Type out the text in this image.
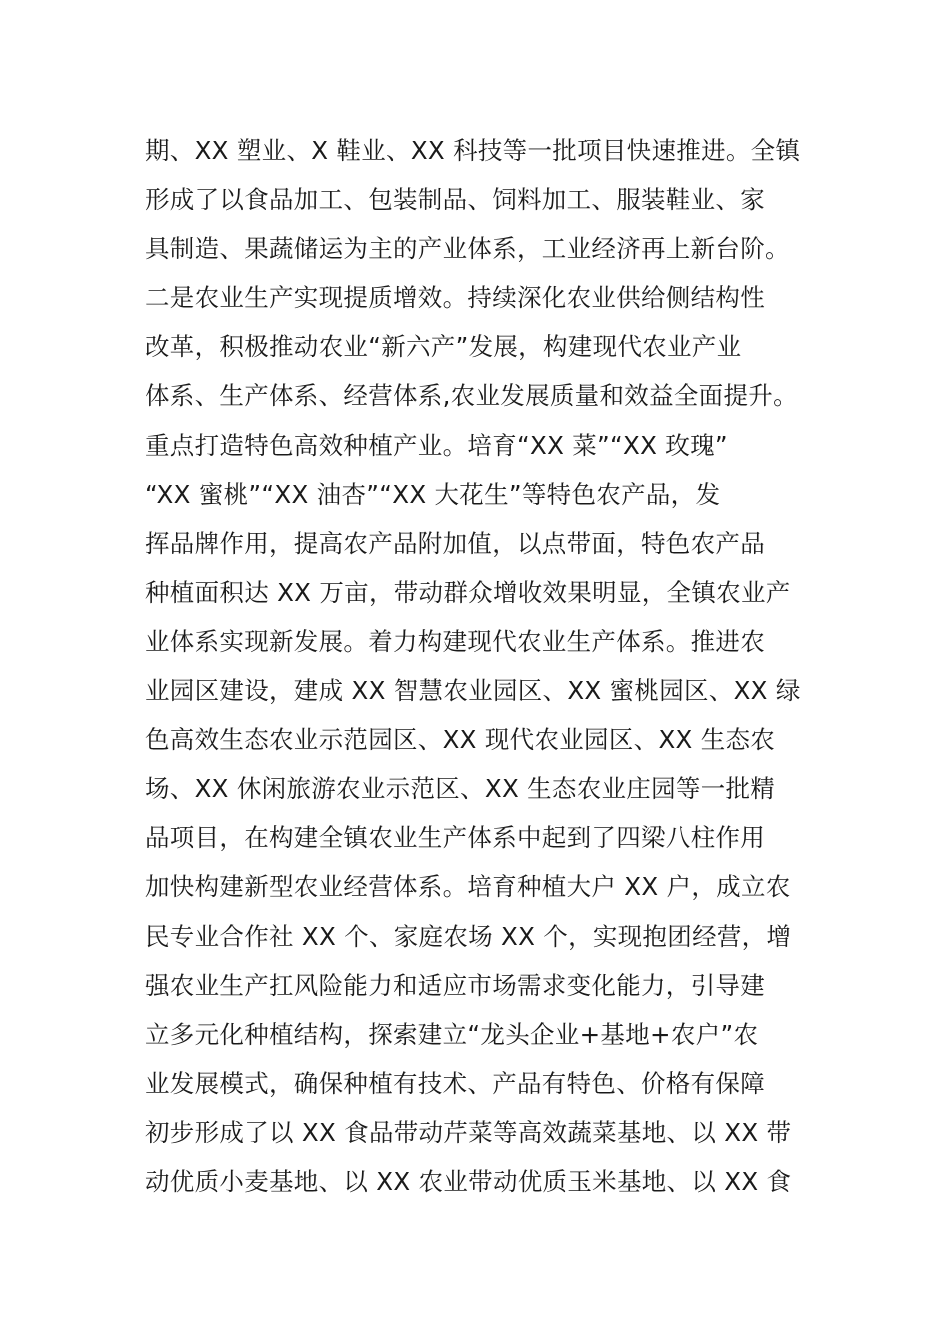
期、XX 塑业、X 鞋业、XX 科技等一批项目快速推进。全镇
形成了以食品加工、包装制品、饲料加工、服装鞋业、家
具制造、果蔬储运为主的产业体系，工业经济再上新台阶。
二是农业生产实现提质增效。持续深化农业供给侧结构性
改革，积极推动农业“新六产”发展，构建现代农业产业
体系、生产体系、经营体系,农业发展质量和效益全面提升。
重点打造特色高效种植产业。培育“XX 菜”“XX 玫瑰”
“XX 蜜桃”“XX 油杏”“XX 大花生”等特色农产品，发
挥品牌作用，提高农产品附加值，以点带面，特色农产品
种植面积达 XX 万亩，带动群众增收效果明显，全镇农业产
业体系实现新发展。着力构建现代农业生产体系。推进农
业园区建设，建成 XX 智慧农业园区、XX 蜜桃园区、XX 绿
色高效生态农业示范园区、XX 现代农业园区、XX 生态农
场、XX 休闲旅游农业示范区、XX 生态农业庄园等一批精
品项目，在构建全镇农业生产体系中起到了四梁八柱作用
加快构建新型农业经营体系。培育种植大户 XX 户，成立农
民专业合作社 XX 个、家庭农场 XX 个，实现抱团经营，增
强农业生产扛风险能力和适应市场需求变化能力，引导建
立多元化种植结构，探索建立“龙头企业+基地+农户”农
业发展模式，确保种植有技术、产品有特色、价格有保障
初步形成了以 XX 食品带动芹菜等高效蔬菜基地、以 XX 带
动优质小麦基地、以 XX 农业带动优质玉米基地、以 XX 食
